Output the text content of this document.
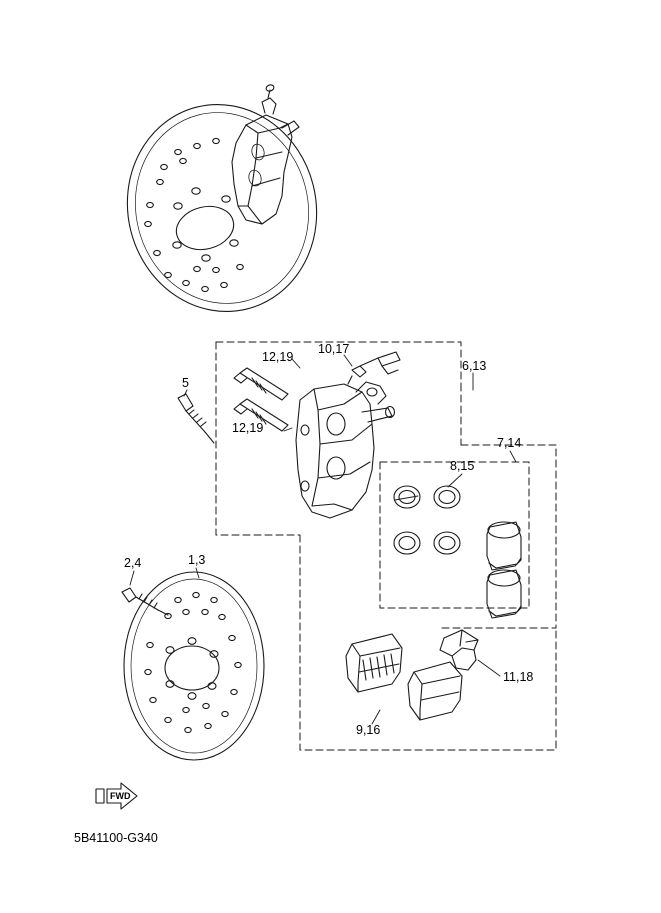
12,19
10,17
6,13
5
12,19
7,14
8,15
2,4	1,3
11,18
9,16
FWD
5B41100-G340
